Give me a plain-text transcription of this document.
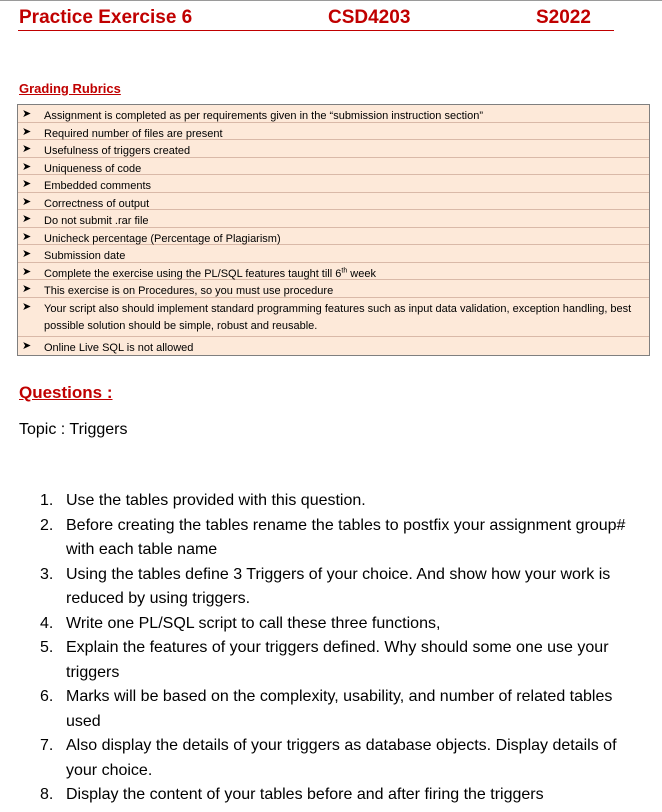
Practice Exercise 6	CSD4203	S2022
Grading Rubrics
➤ Assignment is completed as per requirements given in the “submission instruction section”
➤ Required number of files are present
➤ Usefulness of triggers created
➤ Uniqueness of code
➤ Embedded comments
➤ Correctness of output
➤ Do not submit .rar file
➤ Unicheck percentage (Percentage of Plagiarism)
➤ Submission date
➤ Complete the exercise using the PL/SQL features taught till 6th week
➤ This exercise is on Procedures, so you must use procedure
➤ Your script also should implement standard programming features such as input data validation, exception handling, best possible solution should be simple, robust and reusable.
➤ Online Live SQL is not allowed
Questions :
Topic : Triggers
1. Use the tables provided with this question.
2. Before creating the tables rename the tables to postfix your assignment group# with each table name
3. Using the tables define 3 Triggers of your choice. And show how your work is reduced by using triggers.
4. Write one PL/SQL script to call these three functions,
5. Explain the features of your triggers defined. Why should some one use your triggers
6. Marks will be based on the complexity, usability, and number of related tables used
7. Also display the details of your triggers as database objects. Display details of your choice.
8. Display the content of your tables before and after firing the triggers
